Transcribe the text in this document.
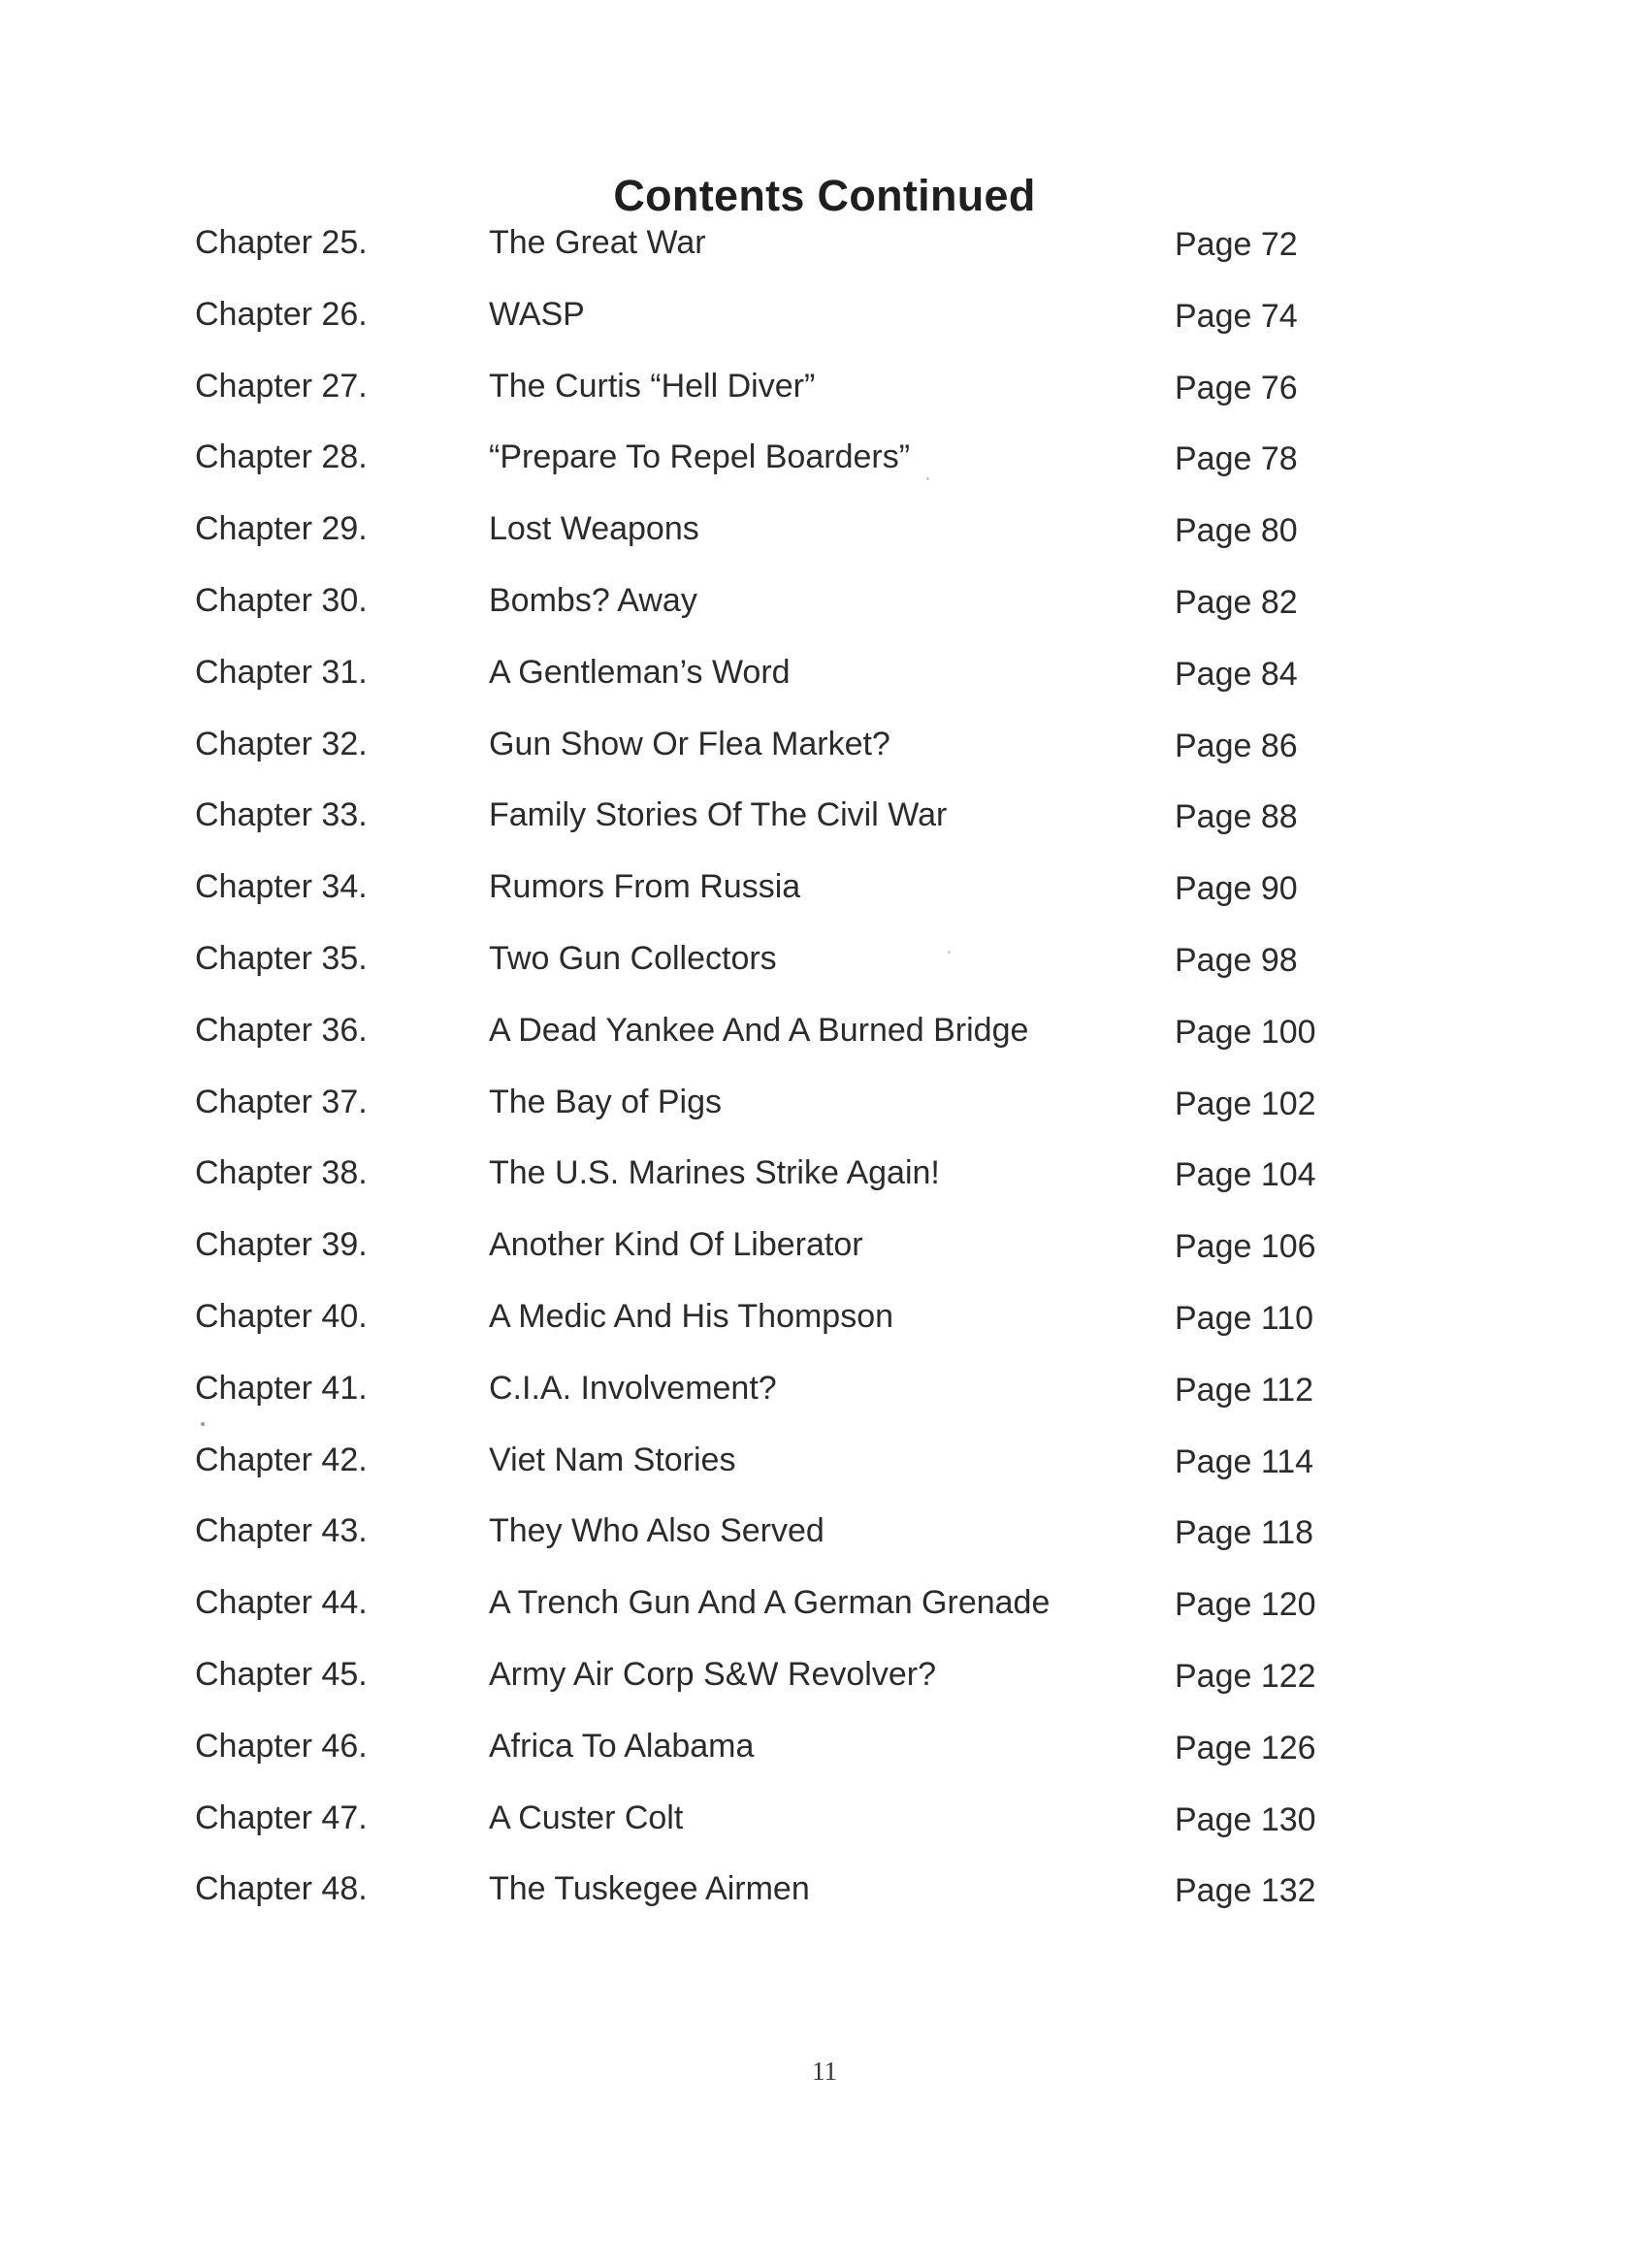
Contents Continued
Chapter 25.	The Great War	Page 72
Chapter 26.	WASP	Page 74
Chapter 27.	The Curtis “Hell Diver”	Page 76
Chapter 28.	“Prepare To Repel Boarders”	Page 78
Chapter 29.	Lost Weapons	Page 80
Chapter 30.	Bombs? Away	Page 82
Chapter 31.	A Gentleman’s Word	Page 84
Chapter 32.	Gun Show Or Flea Market?	Page 86
Chapter 33.	Family Stories Of The Civil War	Page 88
Chapter 34.	Rumors From Russia	Page 90
Chapter 35.	Two Gun Collectors	Page 98
Chapter 36.	A Dead Yankee And A Burned Bridge	Page 100
Chapter 37.	The Bay of Pigs	Page 102
Chapter 38.	The U.S. Marines Strike Again!	Page 104
Chapter 39.	Another Kind Of Liberator	Page 106
Chapter 40.	A Medic And His Thompson	Page 110
Chapter 41.	C.I.A. Involvement?	Page 112
Chapter 42.	Viet Nam Stories	Page 114
Chapter 43.	They Who Also Served	Page 118
Chapter 44.	A Trench Gun And A German Grenade	Page 120
Chapter 45.	Army Air Corp S&W Revolver?	Page 122
Chapter 46.	Africa To Alabama	Page 126
Chapter 47.	A Custer Colt	Page 130
Chapter 48.	The Tuskegee Airmen	Page 132
11
